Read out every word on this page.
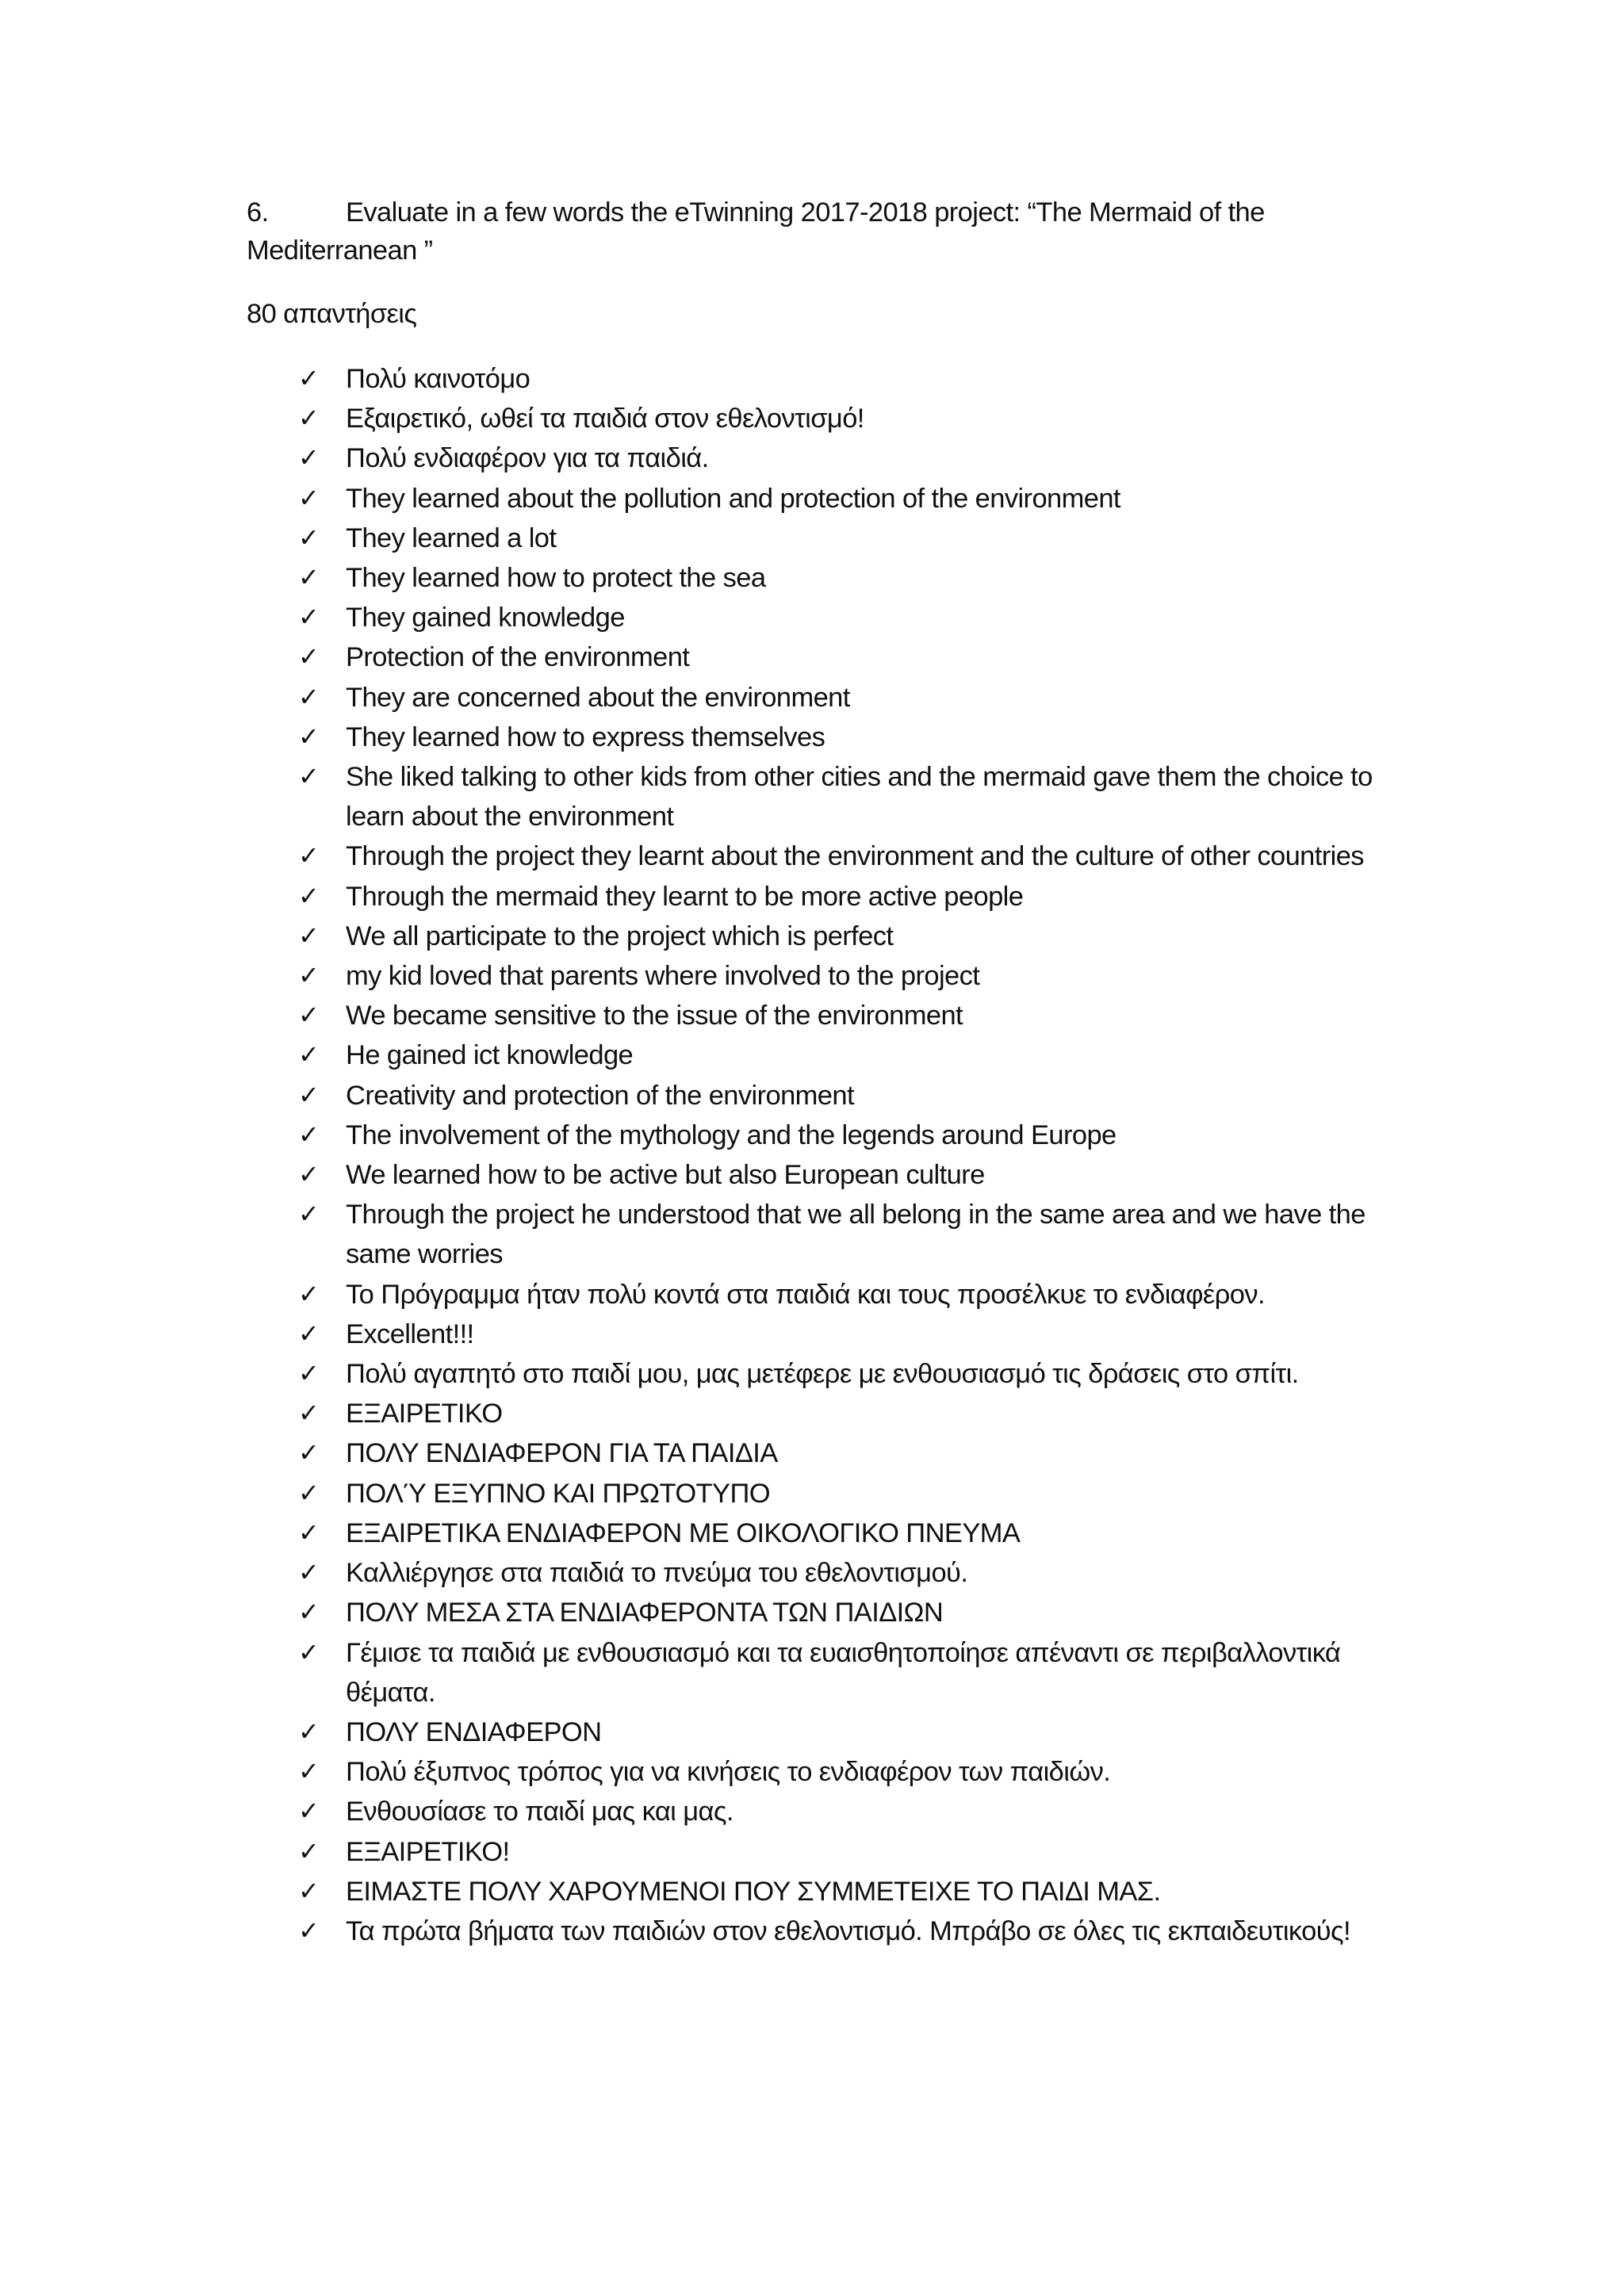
6.	Evaluate in a few words the eTwinning 2017-2018 project: “The Mermaid of the Mediterranean ”
80 απαντήσεις
✓ Πολύ καινοτόμο
✓ Εξαιρετικό, ωθεί τα παιδιά στον εθελοντισμό!
✓ Πολύ ενδιαφέρον για τα παιδιά.
✓ They learned about the pollution and protection of the environment
✓ They learned a lot
✓ They learned how to protect the sea
✓ They gained knowledge
✓ Protection of the environment
✓ They are concerned about the environment
✓ They learned how to express themselves
✓ She liked talking to other kids from other cities and the mermaid gave them the choice to learn about the environment
✓ Through the project they learnt about the environment and the culture of other countries
✓ Through the mermaid they learnt to be more active people
✓ We all participate to the project which is perfect
✓ my kid loved that parents where involved to the project
✓ We became sensitive to the issue of the environment
✓ He gained ict knowledge
✓ Creativity and protection of the environment
✓ The involvement of the mythology and the legends around Europe
✓ We learned how to be active but also European culture
✓ Through the project he understood that we all belong in the same area and we have the same worries
✓ Το Πρόγραμμα ήταν πολύ κοντά στα παιδιά και τους προσέλκυε το ενδιαφέρον.
✓ Excellent!!!
✓ Πολύ αγαπητό στο παιδί μου, μας μετέφερε με ενθουσιασμό τις δράσεις στο σπίτι.
✓ ΕΞΑΙΡΕΤΙΚΟ
✓ ΠΟΛΥ ΕΝΔΙΑΦΕΡΟΝ ΓΙΑ ΤΑ ΠΑΙΔΙΑ
✓ ΠΟΛΎ ΕΞΥΠΝΟ ΚΑΙ ΠΡΩΤΟΤΥΠΟ
✓ ΕΞΑΙΡΕΤΙΚΑ ΕΝΔΙΑΦΕΡΟΝ ΜΕ ΟΙΚΟΛΟΓΙΚΟ ΠΝΕΥΜΑ
✓ Καλλιέργησε στα παιδιά το πνεύμα του εθελοντισμού.
✓ ΠΟΛΥ ΜΕΣΑ ΣΤΑ ΕΝΔΙΑΦΕΡΟΝΤΑ ΤΩΝ ΠΑΙΔΙΩΝ
✓ Γέμισε τα παιδιά με ενθουσιασμό και τα ευαισθητοποίησε απέναντι σε περιβαλλοντικά θέματα.
✓ ΠΟΛΥ ΕΝΔΙΑΦΕΡΟΝ
✓ Πολύ έξυπνος τρόπος για να κινήσεις το ενδιαφέρον των παιδιών.
✓ Ενθουσίασε το παιδί μας και μας.
✓ ΕΞΑΙΡΕΤΙΚΟ!
✓ ΕΙΜΑΣΤΕ ΠΟΛΥ ΧΑΡΟΥΜΕΝΟΙ ΠΟΥ ΣΥΜΜΕΤΕΙΧΕ ΤΟ ΠΑΙΔΙ ΜΑΣ.
✓ Τα πρώτα βήματα των παιδιών στον εθελοντισμό. Μπράβο σε όλες τις εκπαιδευτικούς!
